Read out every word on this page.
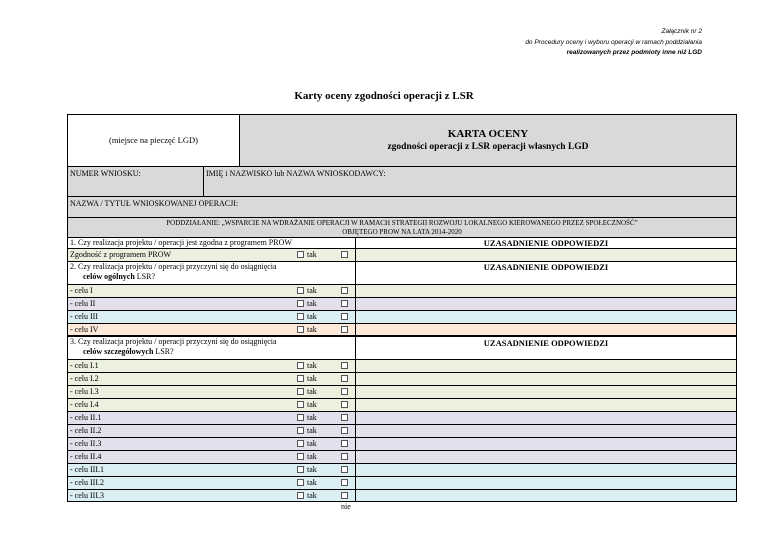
Załącznik nr 2
do Procedury oceny i wyboru operacji w ramach poddziałania
realizowanych przez podmioty inne niż LGD
Karty oceny zgodności operacji z LSR
(miejsce na pieczęć LGD)	KARTA OCENY
zgodności operacji z LSR operacji własnych LGD
NUMER WNIOSKU:	IMIĘ i NAZWISKO lub NAZWA WNIOSKODAWCY:
NAZWA / TYTUŁ WNIOSKOWANEJ OPERACJI:
PODDZIAŁANIE: „WSPARCIE NA WDRAŻANIE OPERACJI W RAMACH STRATEGII ROZWOJU LOKALNEGO KIEROWANEGO PRZEZ SPOŁECZNOŚĆ”
OBJĘTEGO PROW NA LATA 2014-2020
1. Czy realizacja projektu / operacji jest zgodna z programem PROW	UZASADNIENIE ODPOWIEDZI
Zgodność z programem PROW	tak
2. Czy realizacja projektu / operacji przyczyni się do osiągnięcia
celów ogólnych LSR?
UZASADNIENIE ODPOWIEDZI
- celu I	tak
- celu II	tak
- celu III	tak
- celu IV	tak
3. Czy realizacja projektu / operacji przyczyni się do osiągnięcia
celów szczegółowych LSR?
UZASADNIENIE ODPOWIEDZI
- celu I.1	tak
- celu I.2	tak
- celu I.3	tak
- celu I.4	tak
- celu II.1	tak
- celu II.2	tak
- celu II.3	tak
- celu II.4	tak
- celu III.1	tak
- celu III.2	tak
- celu III.3	tak
nie
